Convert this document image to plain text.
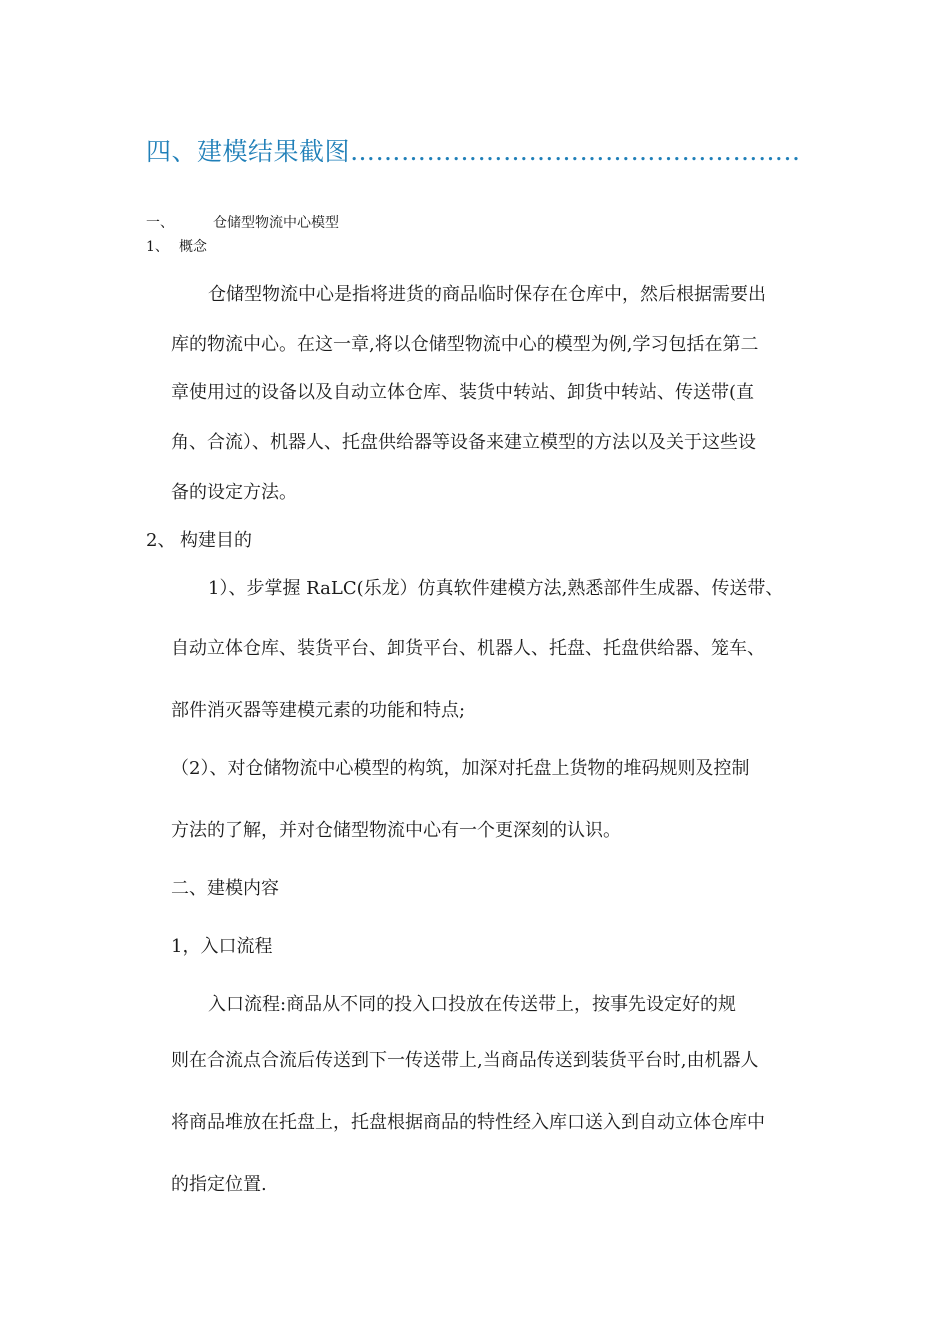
四、建模结果截图……………………………………………..

一、	仓储型物流中心模型
1、 概念

仓储型物流中心是指将进货的商品临时保存在仓库中，然后根据需要出

库的物流中心。在这一章,将以仓储型物流中心的模型为例,学习包括在第二

章使用过的设备以及自动立体仓库、装货中转站、卸货中转站、传送带(直

角、合流）、机器人、托盘供给器等设备来建立模型的方法以及关于这些设

备的设定方法。

2、 构建目的

1）、步掌握 RaLC(乐龙）仿真软件建模方法,熟悉部件生成器、传送带、

自动立体仓库、装货平台、卸货平台、机器人、托盘、托盘供给器、笼车、

部件消灭器等建模元素的功能和特点;

（2）、对仓储物流中心模型的构筑，加深对托盘上货物的堆码规则及控制

方法的了解，并对仓储型物流中心有一个更深刻的认识。

二、建模内容

1，入口流程

入口流程:商品从不同的投入口投放在传送带上，按事先设定好的规

则在合流点合流后传送到下一传送带上,当商品传送到装货平台时,由机器人

将商品堆放在托盘上，托盘根据商品的特性经入库口送入到自动立体仓库中

的指定位置.
